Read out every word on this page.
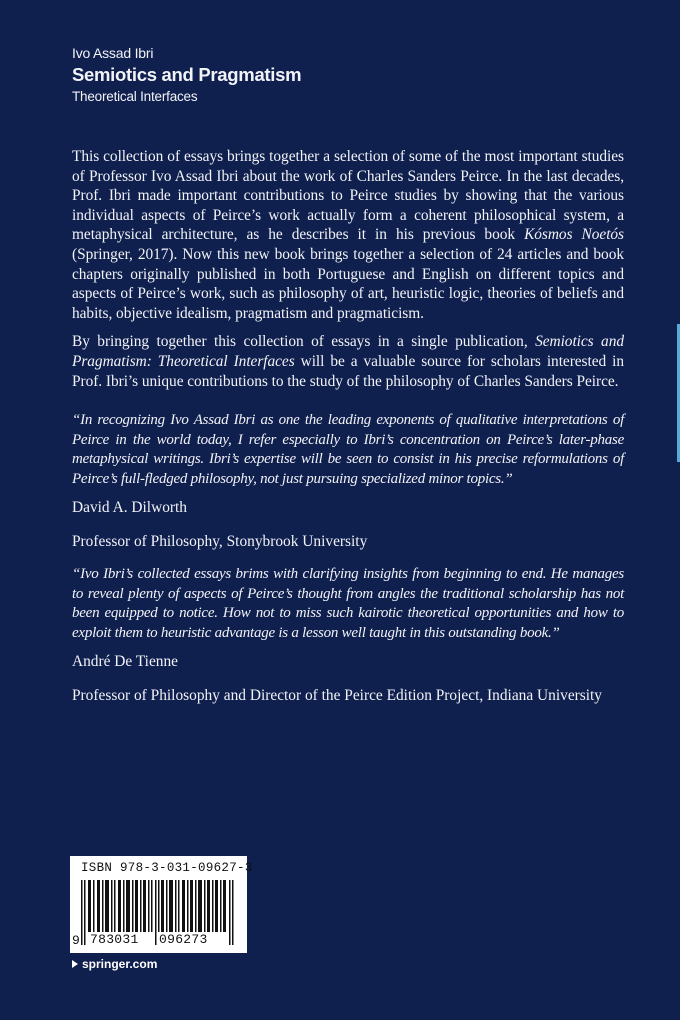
Ivo Assad Ibri
Semiotics and Pragmatism
Theoretical Interfaces

This collection of essays brings together a selection of some of the most important studies of Professor Ivo Assad Ibri about the work of Charles Sanders Peirce. In the last decades, Prof. Ibri made important contributions to Peirce studies by showing that the various individual aspects of Peirce’s work actually form a coherent philosophical system, a metaphysical architecture, as he describes it in his previous book Kósmos Noetós (Springer, 2017). Now this new book brings together a selection of 24 articles and book chapters originally published in both Portuguese and English on different topics and aspects of Peirce’s work, such as philosophy of art, heuristic logic, theories of beliefs and habits, objective idealism, pragmatism and pragmaticism.

By bringing together this collection of essays in a single publication, Semiotics and Pragmatism: Theoretical Interfaces will be a valuable source for scholars interested in Prof. Ibri’s unique contributions to the study of the philosophy of Charles Sanders Peirce.

“In recognizing Ivo Assad Ibri as one the leading exponents of qualitative interpretations of Peirce in the world today, I refer especially to Ibri’s concentration on Peirce’s later-phase metaphysical writings. Ibri’s expertise will be seen to consist in his precise reformulations of Peirce’s full-fledged philosophy, not just pursuing specialized minor topics.”

David A. Dilworth

Professor of Philosophy, Stonybrook University

“Ivo Ibri’s collected essays brims with clarifying insights from beginning to end. He manages to reveal plenty of aspects of Peirce’s thought from angles the traditional scholarship has not been equipped to notice. How not to miss such kairotic theoretical opportunities and how to exploit them to heuristic advantage is a lesson well taught in this outstanding book.”

André De Tienne

Professor of Philosophy and Director of the Peirce Edition Project, Indiana University

ISBN 978-3-031-09627-3
9 783031 096273
springer.com
